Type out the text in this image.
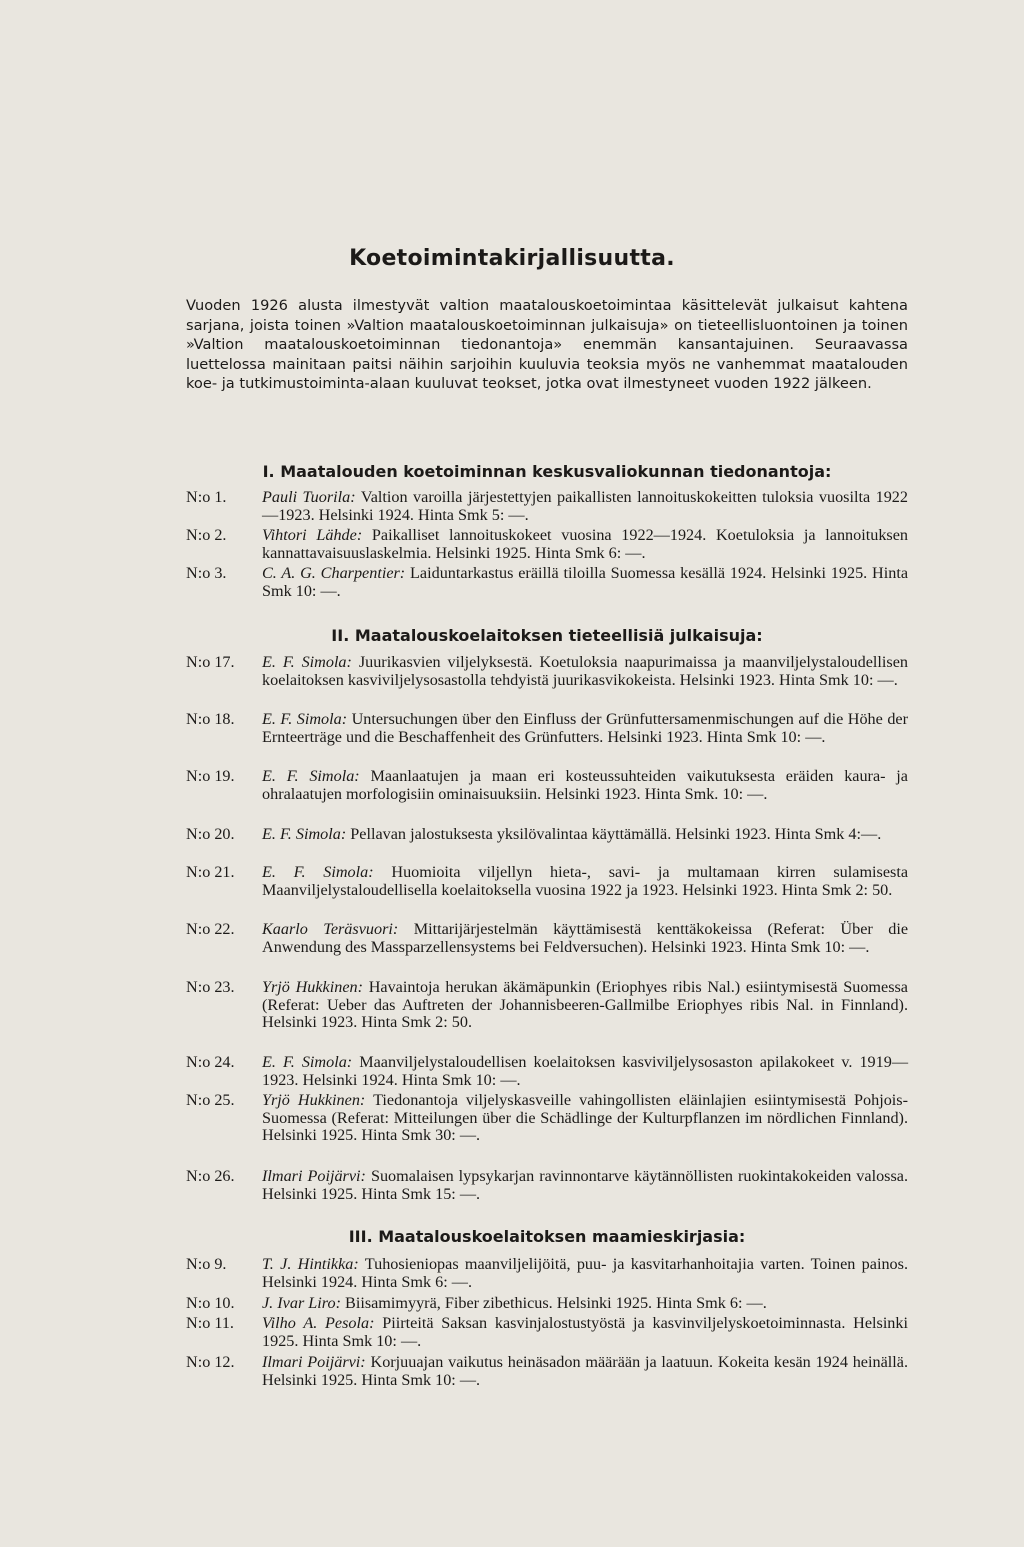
Koetoimintakirjallisuutta.

Vuoden 1926 alusta ilmestyvät valtion maatalouskoetoimintaa käsittelevät julkaisut kahtena sarjana, joista toinen »Valtion maatalouskoetoiminnan julkaisuja» on tieteellisluontoinen ja toinen »Valtion maatalouskoetoiminnan tiedonantoja» enemmän kansantajuinen. Seuraavassa luettelossa mainitaan paitsi näihin sarjoihin kuuluvia teoksia myös ne vanhemmat maatalouden koe- ja tutkimustoiminta-alaan kuuluvat teokset, jotka ovat ilmestyneet vuoden 1922 jälkeen.

I. Maatalouden koetoiminnan keskusvaliokunnan tiedonantoja:
N:o 1.	Pauli Tuorila: Valtion varoilla järjestettyjen paikallisten lannoituskokeitten tuloksia vuosilta 1922—1923. Helsinki 1924. Hinta Smk 5: —.
N:o 2.	Vihtori Lähde: Paikalliset lannoituskokeet vuosina 1922—1924. Koetuloksia ja lannoituksen kannattavaisuuslaskelmia. Helsinki 1925. Hinta Smk 6: —.
N:o 3.	C. A. G. Charpentier: Laiduntarkastus eräillä tiloilla Suomessa kesällä 1924. Helsinki 1925. Hinta Smk 10: —.
II. Maatalouskoelaitoksen tieteellisiä julkaisuja:
N:o 17.	E. F. Simola: Juurikasvien viljelyksestä. Koetuloksia naapurimaissa ja maanviljelystaloudellisen koelaitoksen kasviviljelysosastolla tehdyistä juurikasvikokeista. Helsinki 1923. Hinta Smk 10: —.
N:o 18.	E. F. Simola: Untersuchungen über den Einfluss der Grünfuttersamenmischungen auf die Höhe der Ernteerträge und die Beschaffenheit des Grünfutters. Helsinki 1923. Hinta Smk 10: —.
N:o 19.	E. F. Simola: Maanlaatujen ja maan eri kosteussuhteiden vaikutuksesta eräiden kaura- ja ohralaatujen morfologisiin ominaisuuksiin. Helsinki 1923. Hinta Smk. 10: —.
N:o 20.	E. F. Simola: Pellavan jalostuksesta yksilövalintaa käyttämällä. Helsinki 1923. Hinta Smk 4:—.
N:o 21.	E. F. Simola: Huomioita viljellyn hieta-, savi- ja multamaan kirren sulamisesta Maanviljelystaloudellisella koelaitoksella vuosina 1922 ja 1923. Helsinki 1923. Hinta Smk 2: 50.
N:o 22.	Kaarlo Teräsvuori: Mittarijärjestelmän käyttämisestä kenttäkokeissa (Referat: Über die Anwendung des Massparzellensystems bei Feldversuchen). Helsinki 1923. Hinta Smk 10: —.
N:o 23.	Yrjö Hukkinen: Havaintoja herukan äkämäpunkin (Eriophyes ribis Nal.) esiintymisestä Suomessa (Referat: Ueber das Auftreten der Johannisbeeren-Gallmilbe Eriophyes ribis Nal. in Finnland). Helsinki 1923. Hinta Smk 2: 50.
N:o 24.	E. F. Simola: Maanviljelystaloudellisen koelaitoksen kasviviljelysosaston apilakokeet v. 1919—1923. Helsinki 1924. Hinta Smk 10: —.
N:o 25.	Yrjö Hukkinen: Tiedonantoja viljelyskasveille vahingollisten eläinlajien esiintymisestä Pohjois-Suomessa (Referat: Mitteilungen über die Schädlinge der Kulturpflanzen im nördlichen Finnland). Helsinki 1925. Hinta Smk 30: —.
N:o 26.	Ilmari Poijärvi: Suomalaisen lypsykarjan ravinnontarve käytännöllisten ruokintakokeiden valossa. Helsinki 1925. Hinta Smk 15: —.
III. Maatalouskoelaitoksen maamieskirjasia:
N:o 9.	T. J. Hintikka: Tuhosieniopas maanviljelijöitä, puu- ja kasvitarhanhoitajia varten. Toinen painos. Helsinki 1924. Hinta Smk 6: —.
N:o 10.	J. Ivar Liro: Biisamimyyrä, Fiber zibethicus. Helsinki 1925. Hinta Smk 6: —.
N:o 11.	Vilho A. Pesola: Piirteitä Saksan kasvinjalostustyöstä ja kasvinviljelyskoetoiminnasta. Helsinki 1925. Hinta Smk 10: —.
N:o 12.	Ilmari Poijärvi: Korjuuajan vaikutus heinäsadon määrään ja laatuun. Kokeita kesän 1924 heinällä. Helsinki 1925. Hinta Smk 10: —.
